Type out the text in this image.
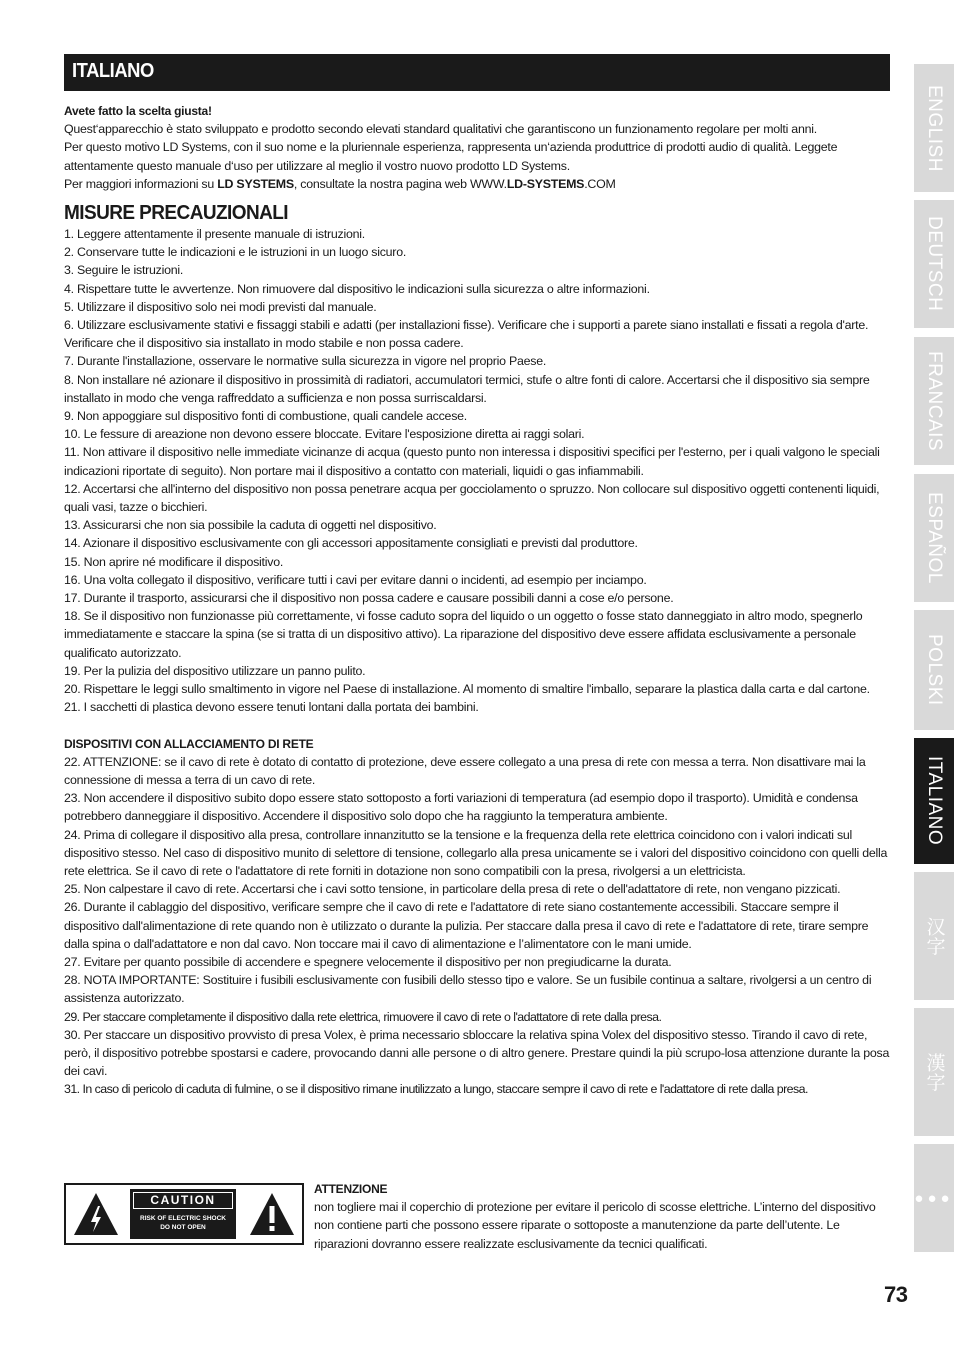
ITALIANO

Avete fatto la scelta giusta!

Quest‘apparecchio è stato sviluppato e prodotto secondo elevati standard qualitativi che garantiscono un funzionamento regolare per molti anni.

Per questo motivo LD Systems, con il suo nome e la pluriennale esperienza, rappresenta un‘azienda produttrice di prodotti audio di qualità. Leggete attentamente questo manuale d‘uso per utilizzare al meglio il vostro nuovo prodotto LD Systems.

Per maggiori informazioni su LD SYSTEMS, consultate la nostra pagina web WWW.LD-SYSTEMS.COM

MISURE PRECAUZIONALI

1. Leggere attentamente il presente manuale di istruzioni.

2. Conservare tutte le indicazioni e le istruzioni in un luogo sicuro.

3. Seguire le istruzioni.

4. Rispettare tutte le avvertenze. Non rimuovere dal dispositivo le indicazioni sulla sicurezza o altre informazioni.

5. Utilizzare il dispositivo solo nei modi previsti dal manuale.

6. Utilizzare esclusivamente stativi e fissaggi stabili e adatti (per installazioni fisse). Verificare che i supporti a parete siano installati e fissati a regola d'arte. Verificare che il dispositivo sia installato in modo stabile e non possa cadere.

7. Durante l'installazione, osservare le normative sulla sicurezza in vigore nel proprio Paese.

8. Non installare né azionare il dispositivo in prossimità di radiatori, accumulatori termici, stufe o altre fonti di calore. Accertarsi che il dispositivo sia sempre installato in modo che venga raffreddato a sufficienza e non possa surriscaldarsi.

9. Non appoggiare sul dispositivo fonti di combustione, quali candele accese.

10. Le fessure di areazione non devono essere bloccate. Evitare l'esposizione diretta ai raggi solari.

11. Non attivare il dispositivo nelle immediate vicinanze di acqua (questo punto non interessa i dispositivi specifici per l'esterno, per i quali valgono le speciali indicazioni riportate di seguito). Non portare mai il dispositivo a contatto con materiali, liquidi o gas infiammabili.

12. Accertarsi che all'interno del dispositivo non possa penetrare acqua per gocciolamento o spruzzo. Non collocare sul dispositivo oggetti contenenti liquidi, quali vasi, tazze o bicchieri.

13. Assicurarsi che non sia possibile la caduta di oggetti nel dispositivo.

14. Azionare il dispositivo esclusivamente con gli accessori appositamente consigliati e previsti dal produttore.

15. Non aprire né modificare il dispositivo.

16. Una volta collegato il dispositivo, verificare tutti i cavi per evitare danni o incidenti, ad esempio per inciampo.

17. Durante il trasporto, assicurarsi che il dispositivo non possa cadere e causare possibili danni a cose e/o persone.

18. Se il dispositivo non funzionasse più correttamente, vi fosse caduto sopra del liquido o un oggetto o fosse stato danneggiato in altro modo, spegnerlo immediatamente e staccare la spina (se si tratta di un dispositivo attivo). La riparazione del dispositivo deve essere affidata esclusivamente a personale qualificato autorizzato.

19. Per la pulizia del dispositivo utilizzare un panno pulito.

20. Rispettare le leggi sullo smaltimento in vigore nel Paese di installazione. Al momento di smaltire l'imballo, separare la plastica dalla carta e dal cartone.

21. I sacchetti di plastica devono essere tenuti lontani dalla portata dei bambini.

DISPOSITIVI CON ALLACCIAMENTO DI RETE

22. ATTENZIONE: se il cavo di rete è dotato di contatto di protezione, deve essere collegato a una presa di rete con messa a terra. Non disattivare mai la connessione di messa a terra di un cavo di rete.

23. Non accendere il dispositivo subito dopo essere stato sottoposto a forti variazioni di temperatura (ad esempio dopo il trasporto). Umidità e condensa potrebbero danneggiare il dispositivo. Accendere il dispositivo solo dopo che ha raggiunto la temperatura ambiente.

24. Prima di collegare il dispositivo alla presa, controllare innanzitutto se la tensione e la frequenza della rete elettrica coincidono con i valori indicati sul dispositivo stesso. Nel caso di dispositivo munito di selettore di tensione, collegarlo alla presa unicamente se i valori del dispositivo coincidono con quelli della rete elettrica. Se il cavo di rete o l'adattatore di rete forniti in dotazione non sono compatibili con la presa, rivolgersi a un elettricista.

25. Non calpestare il cavo di rete. Accertarsi che i cavi sotto tensione, in particolare della presa di rete o dell'adattatore di rete, non vengano pizzicati.

26. Durante il cablaggio del dispositivo, verificare sempre che il cavo di rete e l'adattatore di rete siano costantemente accessibili. Staccare sempre il dispositivo dall'alimentazione di rete quando non è utilizzato o durante la pulizia. Per staccare dalla presa il cavo di rete e l'adattatore di rete, tirare sempre dalla spina o dall'adattatore e non dal cavo. Non toccare mai il cavo di alimentazione e l’alimentatore con le mani umide.

27. Evitare per quanto possibile di accendere e spegnere velocemente il dispositivo per non pregiudicarne la durata.

28. NOTA IMPORTANTE: Sostituire i fusibili esclusivamente con fusibili dello stesso tipo e valore. Se un fusibile continua a saltare, rivolgersi a un centro di assistenza autorizzato.

29. Per staccare completamente il dispositivo dalla rete elettrica, rimuovere il cavo di rete o l'adattatore di rete dalla presa.

30. Per staccare un dispositivo provvisto di presa Volex, è prima necessario sbloccare la relativa spina Volex del dispositivo stesso. Tirando il cavo di rete, però, il dispositivo potrebbe spostarsi e cadere, provocando danni alle persone o di altro genere. Prestare quindi la più scrupo-losa attenzione durante la posa dei cavi.

31. In caso di pericolo di caduta di fulmine, o se il dispositivo rimane inutilizzato a lungo, staccare sempre il cavo di rete e l'adattatore di rete dalla presa.

CAUTION
RISK OF ELECTRIC SHOCK
DO NOT OPEN

ATTENZIONE

non togliere mai il coperchio di protezione per evitare il pericolo di scosse elettriche. L’interno del dispositivo non contiene parti che possono essere riparate o sottoposte a manutenzione da parte dell’utente. Le riparazioni dovranno essere realizzate esclusivamente da tecnici qualificati.

73
ENGLISH
DEUTSCH
FRANCAIS
ESPAÑOL
POLSKI
ITALIANO
汉字
漢字
●●●
